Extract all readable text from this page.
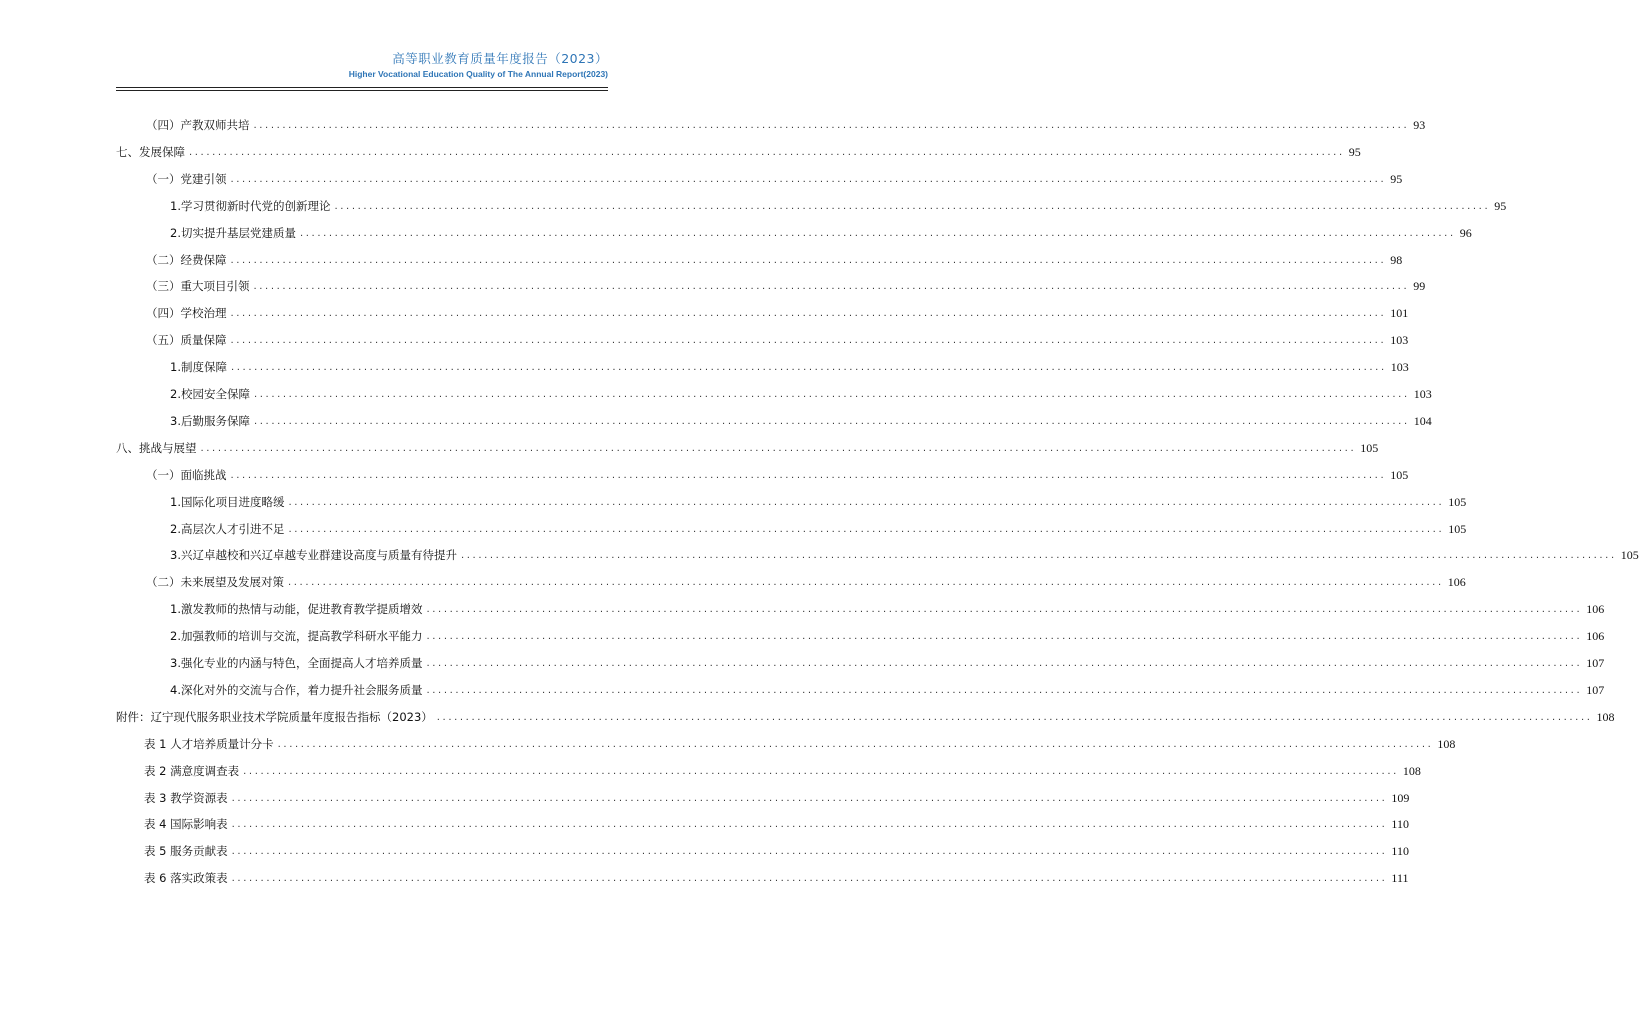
高等职业教育质量年度报告（2023）
Higher Vocational Education Quality of The Annual Report(2023)
（四）产教双师共培 ........................................................................................................................................................................................................ 93
七、发展保障 ........................................................................................................................................................................................................ 95
（一）党建引领 ........................................................................................................................................................................................................ 95
1.学习贯彻新时代党的创新理论 ........................................................................................................................................................................................................ 95
2.切实提升基层党建质量 ........................................................................................................................................................................................................ 96
（二）经费保障 ........................................................................................................................................................................................................ 98
（三）重大项目引领 ........................................................................................................................................................................................................ 99
（四）学校治理 ........................................................................................................................................................................................................ 101
（五）质量保障 ........................................................................................................................................................................................................ 103
1.制度保障 ........................................................................................................................................................................................................ 103
2.校园安全保障 ........................................................................................................................................................................................................ 103
3.后勤服务保障 ........................................................................................................................................................................................................ 104
八、挑战与展望 ........................................................................................................................................................................................................ 105
（一）面临挑战 ........................................................................................................................................................................................................ 105
1.国际化项目进度略缓 ........................................................................................................................................................................................................ 105
2.高层次人才引进不足 ........................................................................................................................................................................................................ 105
3.兴辽卓越校和兴辽卓越专业群建设高度与质量有待提升 ........................................................................................................................................................................................................ 105
（二）未来展望及发展对策 ........................................................................................................................................................................................................ 106
1.激发教师的热情与动能，促进教育教学提质增效 ........................................................................................................................................................................................................ 106
2.加强教师的培训与交流，提高教学科研水平能力 ........................................................................................................................................................................................................ 106
3.强化专业的内涵与特色，全面提高人才培养质量 ........................................................................................................................................................................................................ 107
4.深化对外的交流与合作，着力提升社会服务质量 ........................................................................................................................................................................................................ 107
附件：辽宁现代服务职业技术学院质量年度报告指标（2023） ........................................................................................................................................................................................................ 108
表 1 人才培养质量计分卡 ........................................................................................................................................................................................................ 108
表 2 满意度调查表 ........................................................................................................................................................................................................ 108
表 3 教学资源表 ........................................................................................................................................................................................................ 109
表 4 国际影响表 ........................................................................................................................................................................................................ 110
表 5 服务贡献表 ........................................................................................................................................................................................................ 110
表 6 落实政策表 ........................................................................................................................................................................................................ 111
